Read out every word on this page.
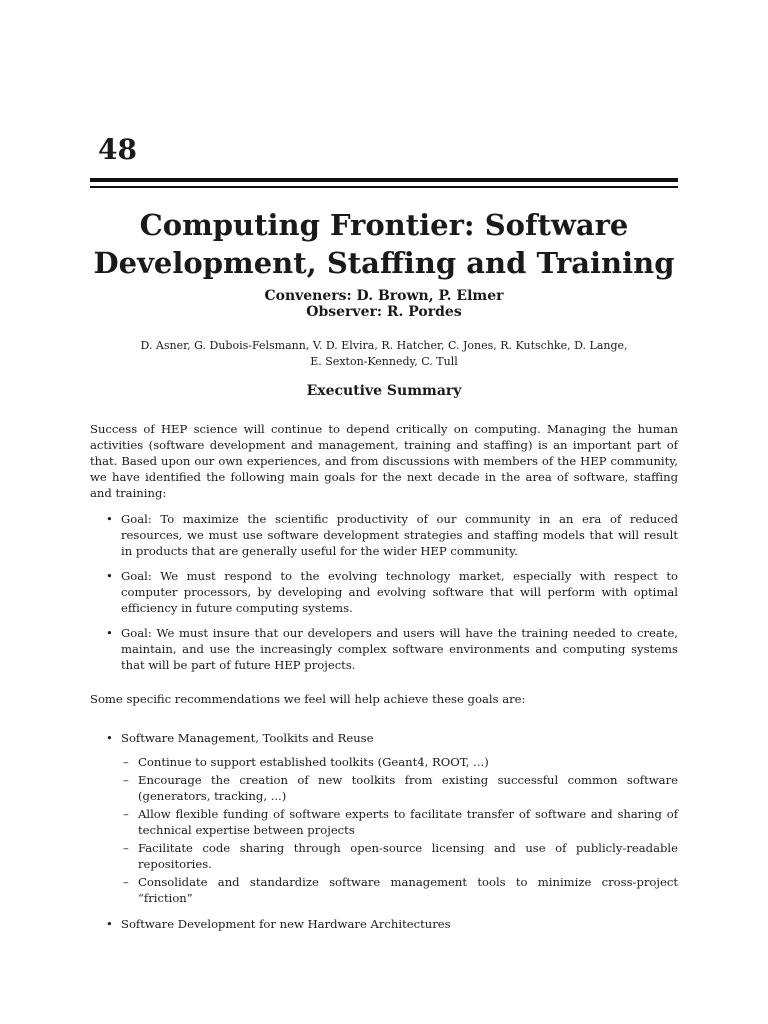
48
Computing Frontier: Software
Development, Staffing and Training
Conveners: D. Brown, P. Elmer
Observer: R. Pordes
D. Asner, G. Dubois-Felsmann, V. D. Elvira, R. Hatcher, C. Jones, R. Kutschke, D. Lange,
E. Sexton-Kennedy, C. Tull
Executive Summary

Success of HEP science will continue to depend critically on computing. Managing the human activities (software development and management, training and staffing) is an important part of that. Based upon our own experiences, and from discussions with members of the HEP community, we have identified the following main goals for the next decade in the area of software, staffing and training:

• Goal: To maximize the scientific productivity of our community in an era of reduced resources, we must use software development strategies and staffing models that will result in products that are generally useful for the wider HEP community.
• Goal: We must respond to the evolving technology market, especially with respect to computer processors, by developing and evolving software that will perform with optimal efficiency in future computing systems.
• Goal: We must insure that our developers and users will have the training needed to create, maintain, and use the increasingly complex software environments and computing systems that will be part of future HEP projects.

Some specific recommendations we feel will help achieve these goals are:

• Software Management, Toolkits and Reuse
– Continue to support established toolkits (Geant4, ROOT, ...)
– Encourage the creation of new toolkits from existing successful common software (generators, tracking, ...)
– Allow flexible funding of software experts to facilitate transfer of software and sharing of technical expertise between projects
– Facilitate code sharing through open-source licensing and use of publicly-readable repositories.
– Consolidate and standardize software management tools to minimize cross-project “friction”
• Software Development for new Hardware Architectures
